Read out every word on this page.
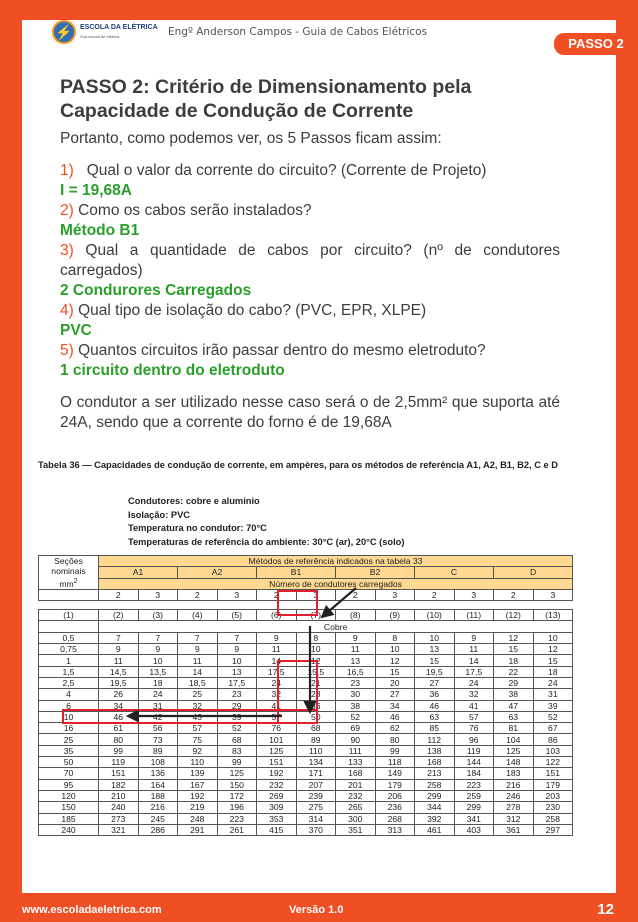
⚡	ESCOLA DA ELÉTRICA
Sua escola de elétrica	Engº Anderson Campos - Guia de Cabos Elétricos
PASSO 2
PASSO 2: Critério de Dimensionamento pela Capacidade de Condução de Corrente

Portanto, como podemos ver, os 5 Passos ficam assim:

1) Qual o valor da corrente do circuito? (Corrente de Projeto)

I = 19,68A

2) Como os cabos serão instalados?

Método B1

3) Qual a quantidade de cabos por circuito? (nº de condutores carregados)

2 Condurores Carregados

4) Qual tipo de isolação do cabo? (PVC, EPR, XLPE)

PVC

5) Quantos circuitos irão passar dentro do mesmo eletroduto?

1 circuito dentro do eletroduto

O condutor a ser utilizado nesse caso será o de 2,5mm² que suporta até 24A, sendo que a corrente do forno é de 19,68A

Tabela 36 — Capacidades de condução de corrente, em ampères, para os métodos de referência A1, A2, B1, B2, C e D
Condutores: cobre e alumínio
Isolação: PVC
Temperatura no condutor: 70°C
Temperaturas de referência do ambiente: 30°C (ar), 20°C (solo)
Seções
nominais
$mm^2$	Métodos de referência indicados na tabela 33											
	A1		A2		B1		B2		C		D	
	Número de condutores carregados											
	2	3	2	3	2	3	2	3	2	3	2	3

(1)	(2)	(3)	(4)	(5)	(6)	(7)	(8)	(9)	(10)	(11)	(12)	(13)
	Cobre											
0,5	7	7	7	7	9	8	9	8	10	9	12	10
0,75	9	9	9	9	11	10	11	10	13	11	15	12
1	11	10	11	10	14	12	13	12	15	14	18	15
1,5	14,5	13,5	14	13	17,5	15,5	16,5	15	19,5	17,5	22	18
2,5	19,5	18	18,5	17,5	24	21	23	20	27	24	29	24
4	26	24	25	23	32	28	30	27	36	32	38	31
6	34	31	32	29	41	36	38	34	46	41	47	39
10	46	42	43	39	57	50	52	46	63	57	63	52
16	61	56	57	52	76	68	69	62	85	76	81	67
25	80	73	75	68	101	89	90	80	112	96	104	86
35	99	89	92	83	125	110	111	99	138	119	125	103
50	119	108	110	99	151	134	133	118	168	144	148	122
70	151	136	139	125	192	171	168	149	213	184	183	151
95	182	164	167	150	232	207	201	179	258	223	216	179
120	210	188	192	172	269	239	232	206	299	259	246	203
150	240	216	219	196	309	275	265	236	344	299	278	230
185	273	245	248	223	353	314	300	268	392	341	312	258
240	321	286	291	261	415	370	351	313	461	403	361	297
www.escoladaeletrica.com	Versão 1.0	12
